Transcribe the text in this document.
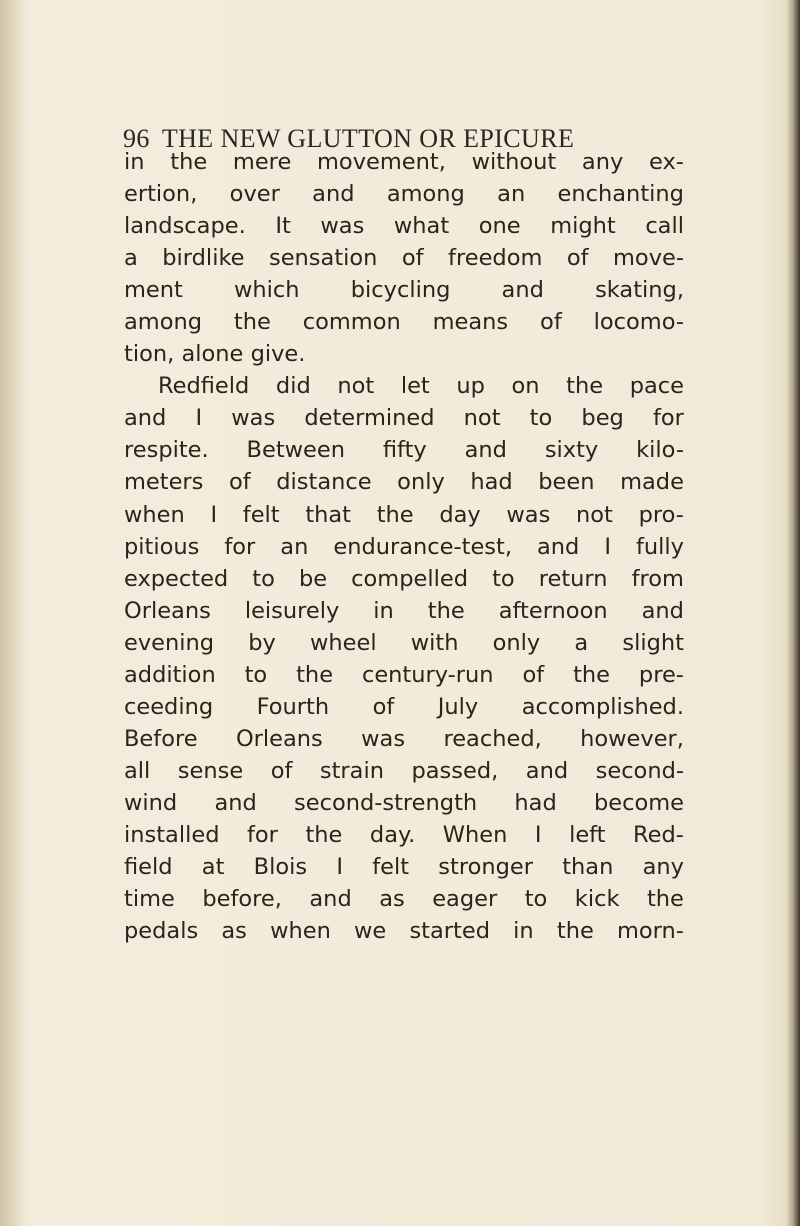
96 THE NEW GLUTTON OR EPICURE
in the mere movement, without any ex-
ertion, over and among an enchanting
landscape. It was what one might call
a birdlike sensation of freedom of move-
ment which bicycling and skating,
among the common means of locomo-
tion, alone give.
Redfield did not let up on the pace
and I was determined not to beg for
respite. Between fifty and sixty kilo-
meters of distance only had been made
when I felt that the day was not pro-
pitious for an endurance-test, and I fully
expected to be compelled to return from
Orleans leisurely in the afternoon and
evening by wheel with only a slight
addition to the century-run of the pre-
ceeding Fourth of July accomplished.
Before Orleans was reached, however,
all sense of strain passed, and second-
wind and second-strength had become
installed for the day. When I left Red-
field at Blois I felt stronger than any
time before, and as eager to kick the
pedals as when we started in the morn-
